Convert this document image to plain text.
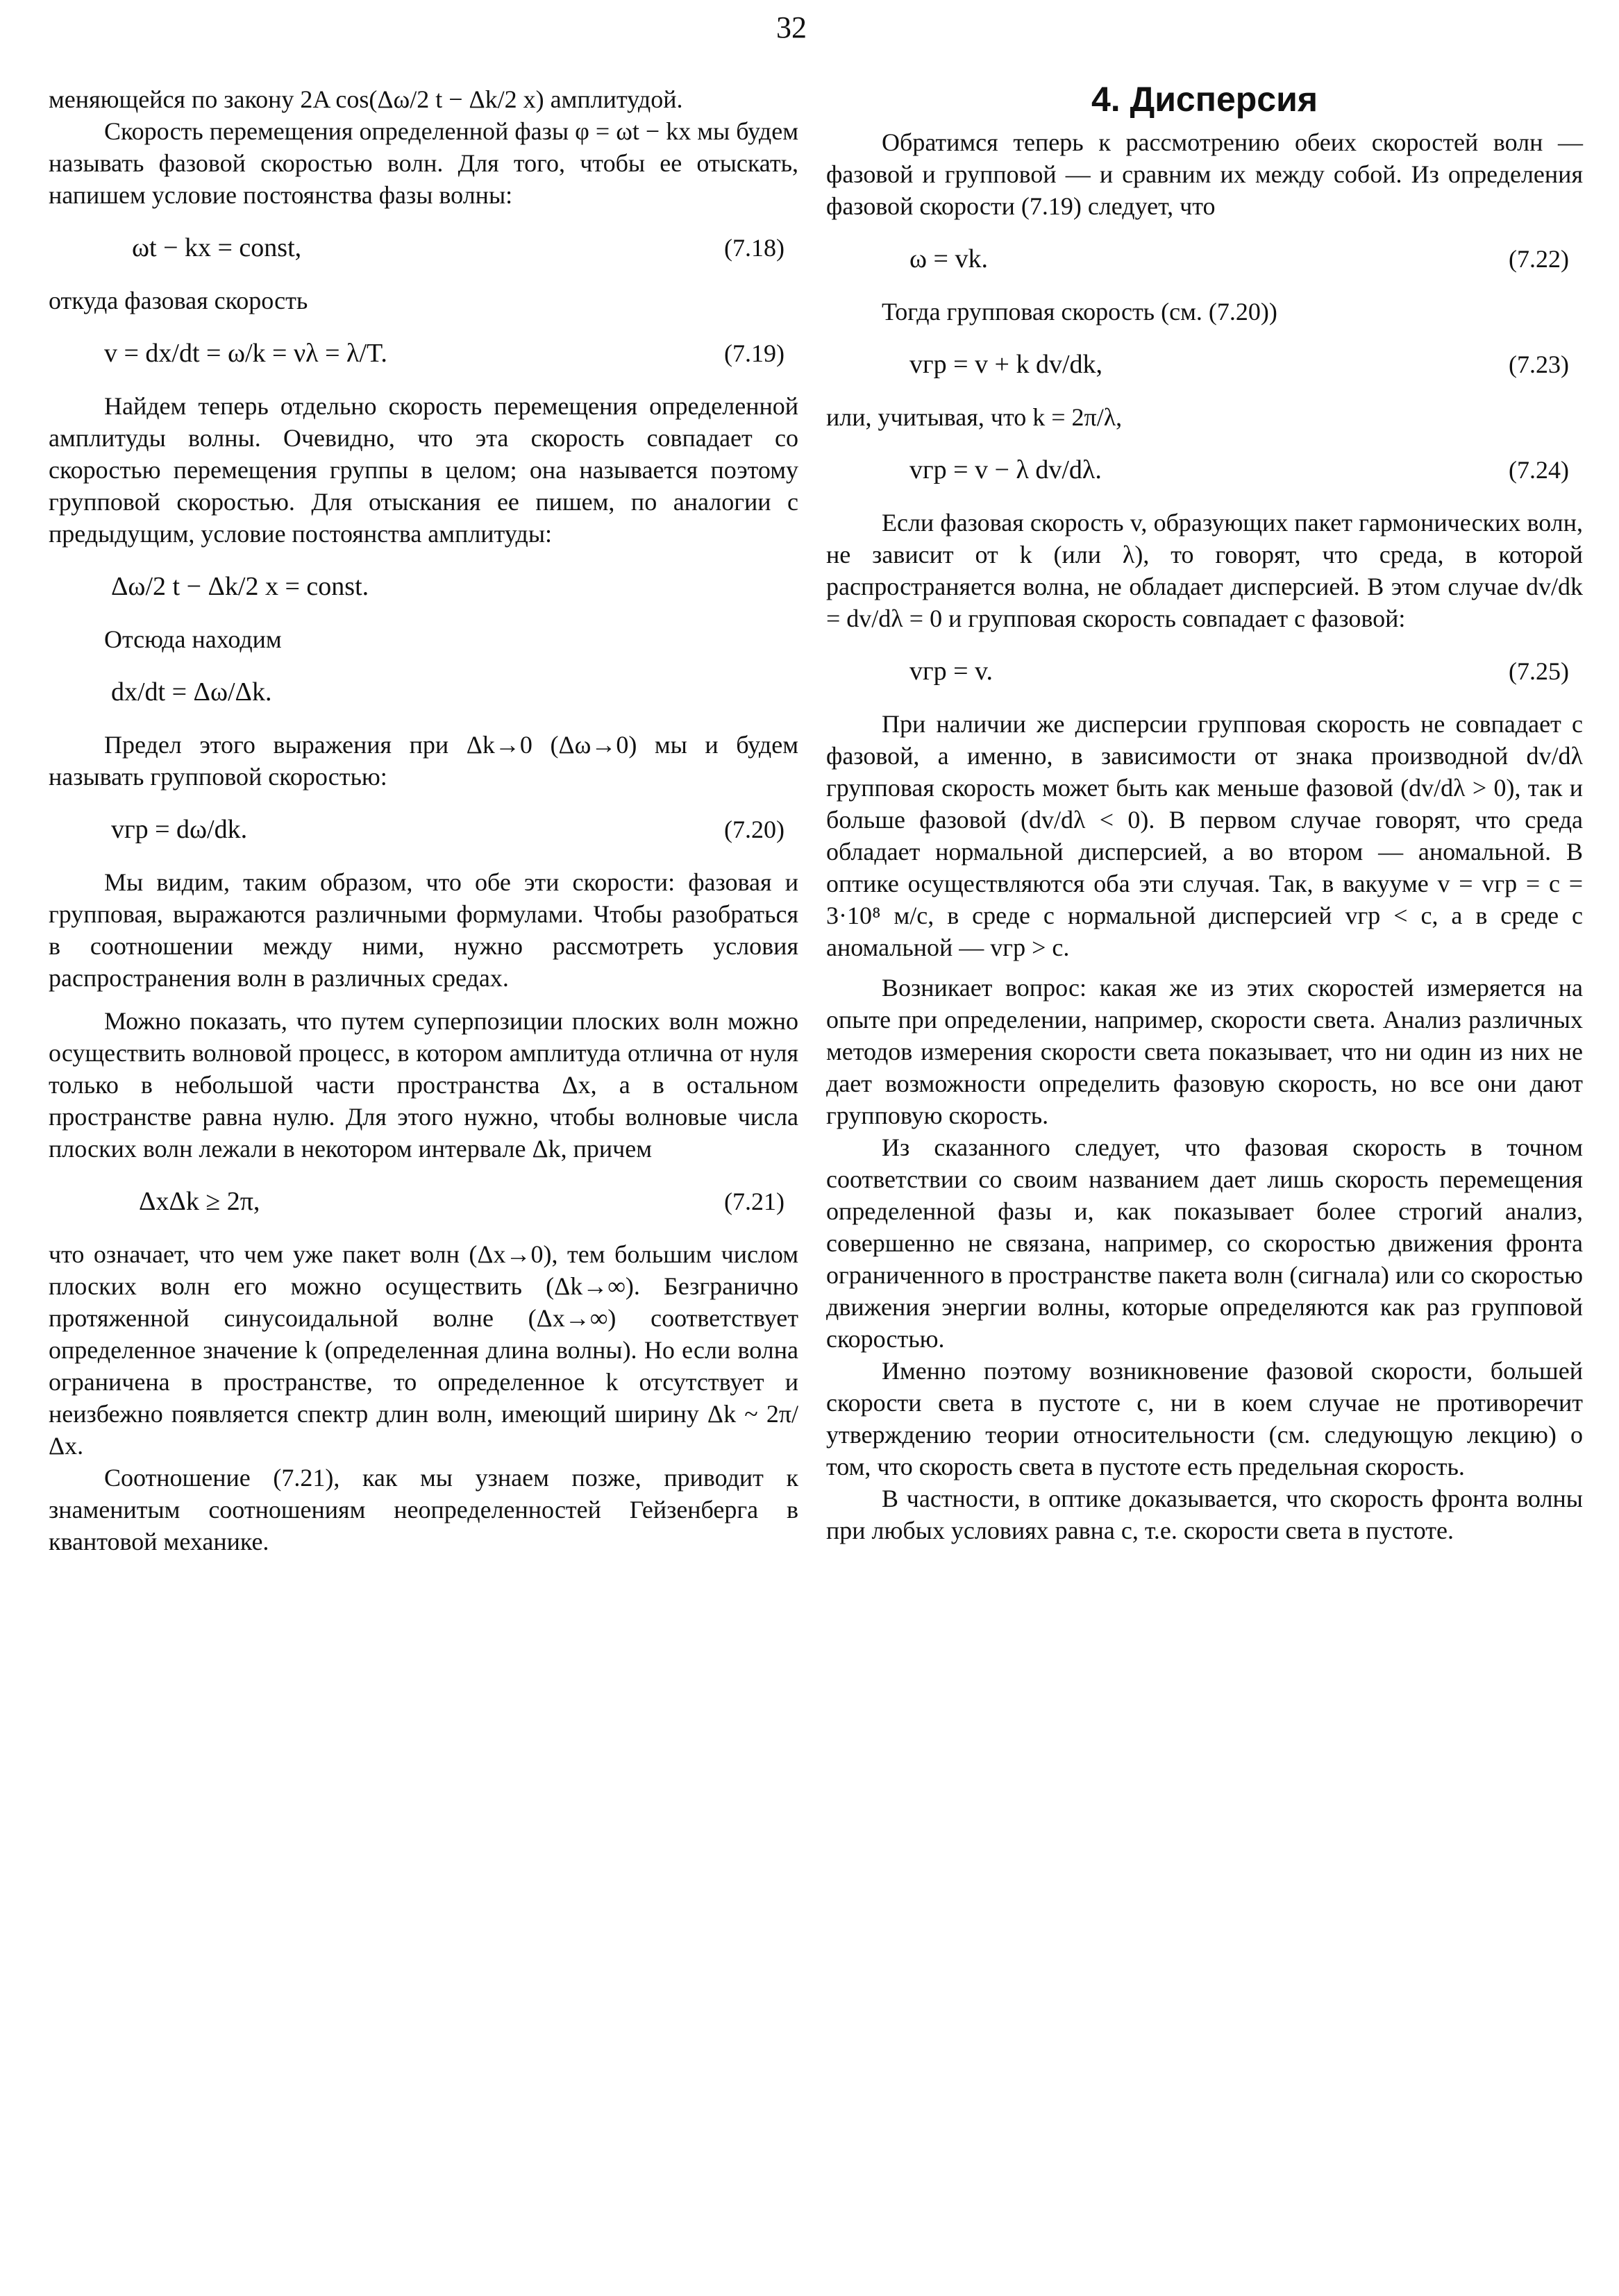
32

меняющейся по закону 2A cos(Δω/2 t − Δk/2 x) амплитудой.

Скорость перемещения определенной фазы φ = ωt − kx мы будем называть фазовой скоростью волн. Для того, чтобы ее отыскать, напишем условие постоянства фазы волны:

ωt − kx = const,	(7.18)

откуда фазовая скорость

v = dx/dt = ω/k = νλ = λ/T.	(7.19)

Найдем теперь отдельно скорость перемещения определенной амплитуды волны. Очевидно, что эта скорость совпадает со скоростью перемещения группы в целом; она называется поэтому групповой скоростью. Для отыскания ее пишем, по аналогии с предыдущим, условие постоянства амплитуды:

Δω/2 t − Δk/2 x = const.

Отсюда находим

dx/dt = Δω/Δk.

Предел этого выражения при Δk→0 (Δω→0) мы и будем называть групповой скоростью:

vгр = dω/dk.	(7.20)

Мы видим, таким образом, что обе эти скорости: фазовая и групповая, выражаются различными формулами. Чтобы разобраться в соотношении между ними, нужно рассмотреть условия распространения волн в различных средах.

Можно показать, что путем суперпозиции плоских волн можно осуществить волновой процесс, в котором амплитуда отлична от нуля только в небольшой части пространства Δx, а в остальном пространстве равна нулю. Для этого нужно, чтобы волновые числа плоских волн лежали в некотором интервале Δk, причем

ΔxΔk ≥ 2π,	(7.21)

что означает, что чем уже пакет волн (Δx→0), тем большим числом плоских волн его можно осуществить (Δk→∞). Безгранично протяженной синусоидальной волне (Δx→∞) соответствует определенное значение k (определенная длина волны). Но если волна ограничена в пространстве, то определенное k отсутствует и неизбежно появляется спектр длин волн, имеющий ширину Δk ~ 2π/Δx.

Соотношение (7.21), как мы узнаем позже, приводит к знаменитым соотношениям неопределенностей Гейзенберга в квантовой механике.

4. Дисперсия

Обратимся теперь к рассмотрению обеих скоростей волн — фазовой и групповой — и сравним их между собой. Из определения фазовой скорости (7.19) следует, что

ω = vk.	(7.22)

Тогда групповая скорость (см. (7.20))

vгр = v + k dv/dk,	(7.23)

или, учитывая, что k = 2π/λ,

vгр = v − λ dv/dλ.	(7.24)

Если фазовая скорость v, образующих пакет гармонических волн, не зависит от k (или λ), то говорят, что среда, в которой распространяется волна, не обладает дисперсией. В этом случае dv/dk = dv/dλ = 0 и групповая скорость совпадает с фазовой:

vгр = v.	(7.25)

При наличии же дисперсии групповая скорость не совпадает с фазовой, а именно, в зависимости от знака производной dv/dλ групповая скорость может быть как меньше фазовой (dv/dλ > 0), так и больше фазовой (dv/dλ < 0). В первом случае говорят, что среда обладает нормальной дисперсией, а во втором — аномальной. В оптике осуществляются оба эти случая. Так, в вакууме v = vгр = c = 3·10⁸ м/с, в среде с нормальной дисперсией vгр < c, а в среде с аномальной — vгр > c.

Возникает вопрос: какая же из этих скоростей измеряется на опыте при определении, например, скорости света. Анализ различных методов измерения скорости света показывает, что ни один из них не дает возможности определить фазовую скорость, но все они дают групповую скорость.

Из сказанного следует, что фазовая скорость в точном соответствии со своим названием дает лишь скорость перемещения определенной фазы и, как показывает более строгий анализ, совершенно не связана, например, со скоростью движения фронта ограниченного в пространстве пакета волн (сигнала) или со скоростью движения энергии волны, которые определяются как раз групповой скоростью.

Именно поэтому возникновение фазовой скорости, большей скорости света в пустоте c, ни в коем случае не противоречит утверждению теории относительности (см. следующую лекцию) о том, что скорость света в пустоте есть предельная скорость.

В частности, в оптике доказывается, что скорость фронта волны при любых условиях равна c, т.е. скорости света в пустоте.
